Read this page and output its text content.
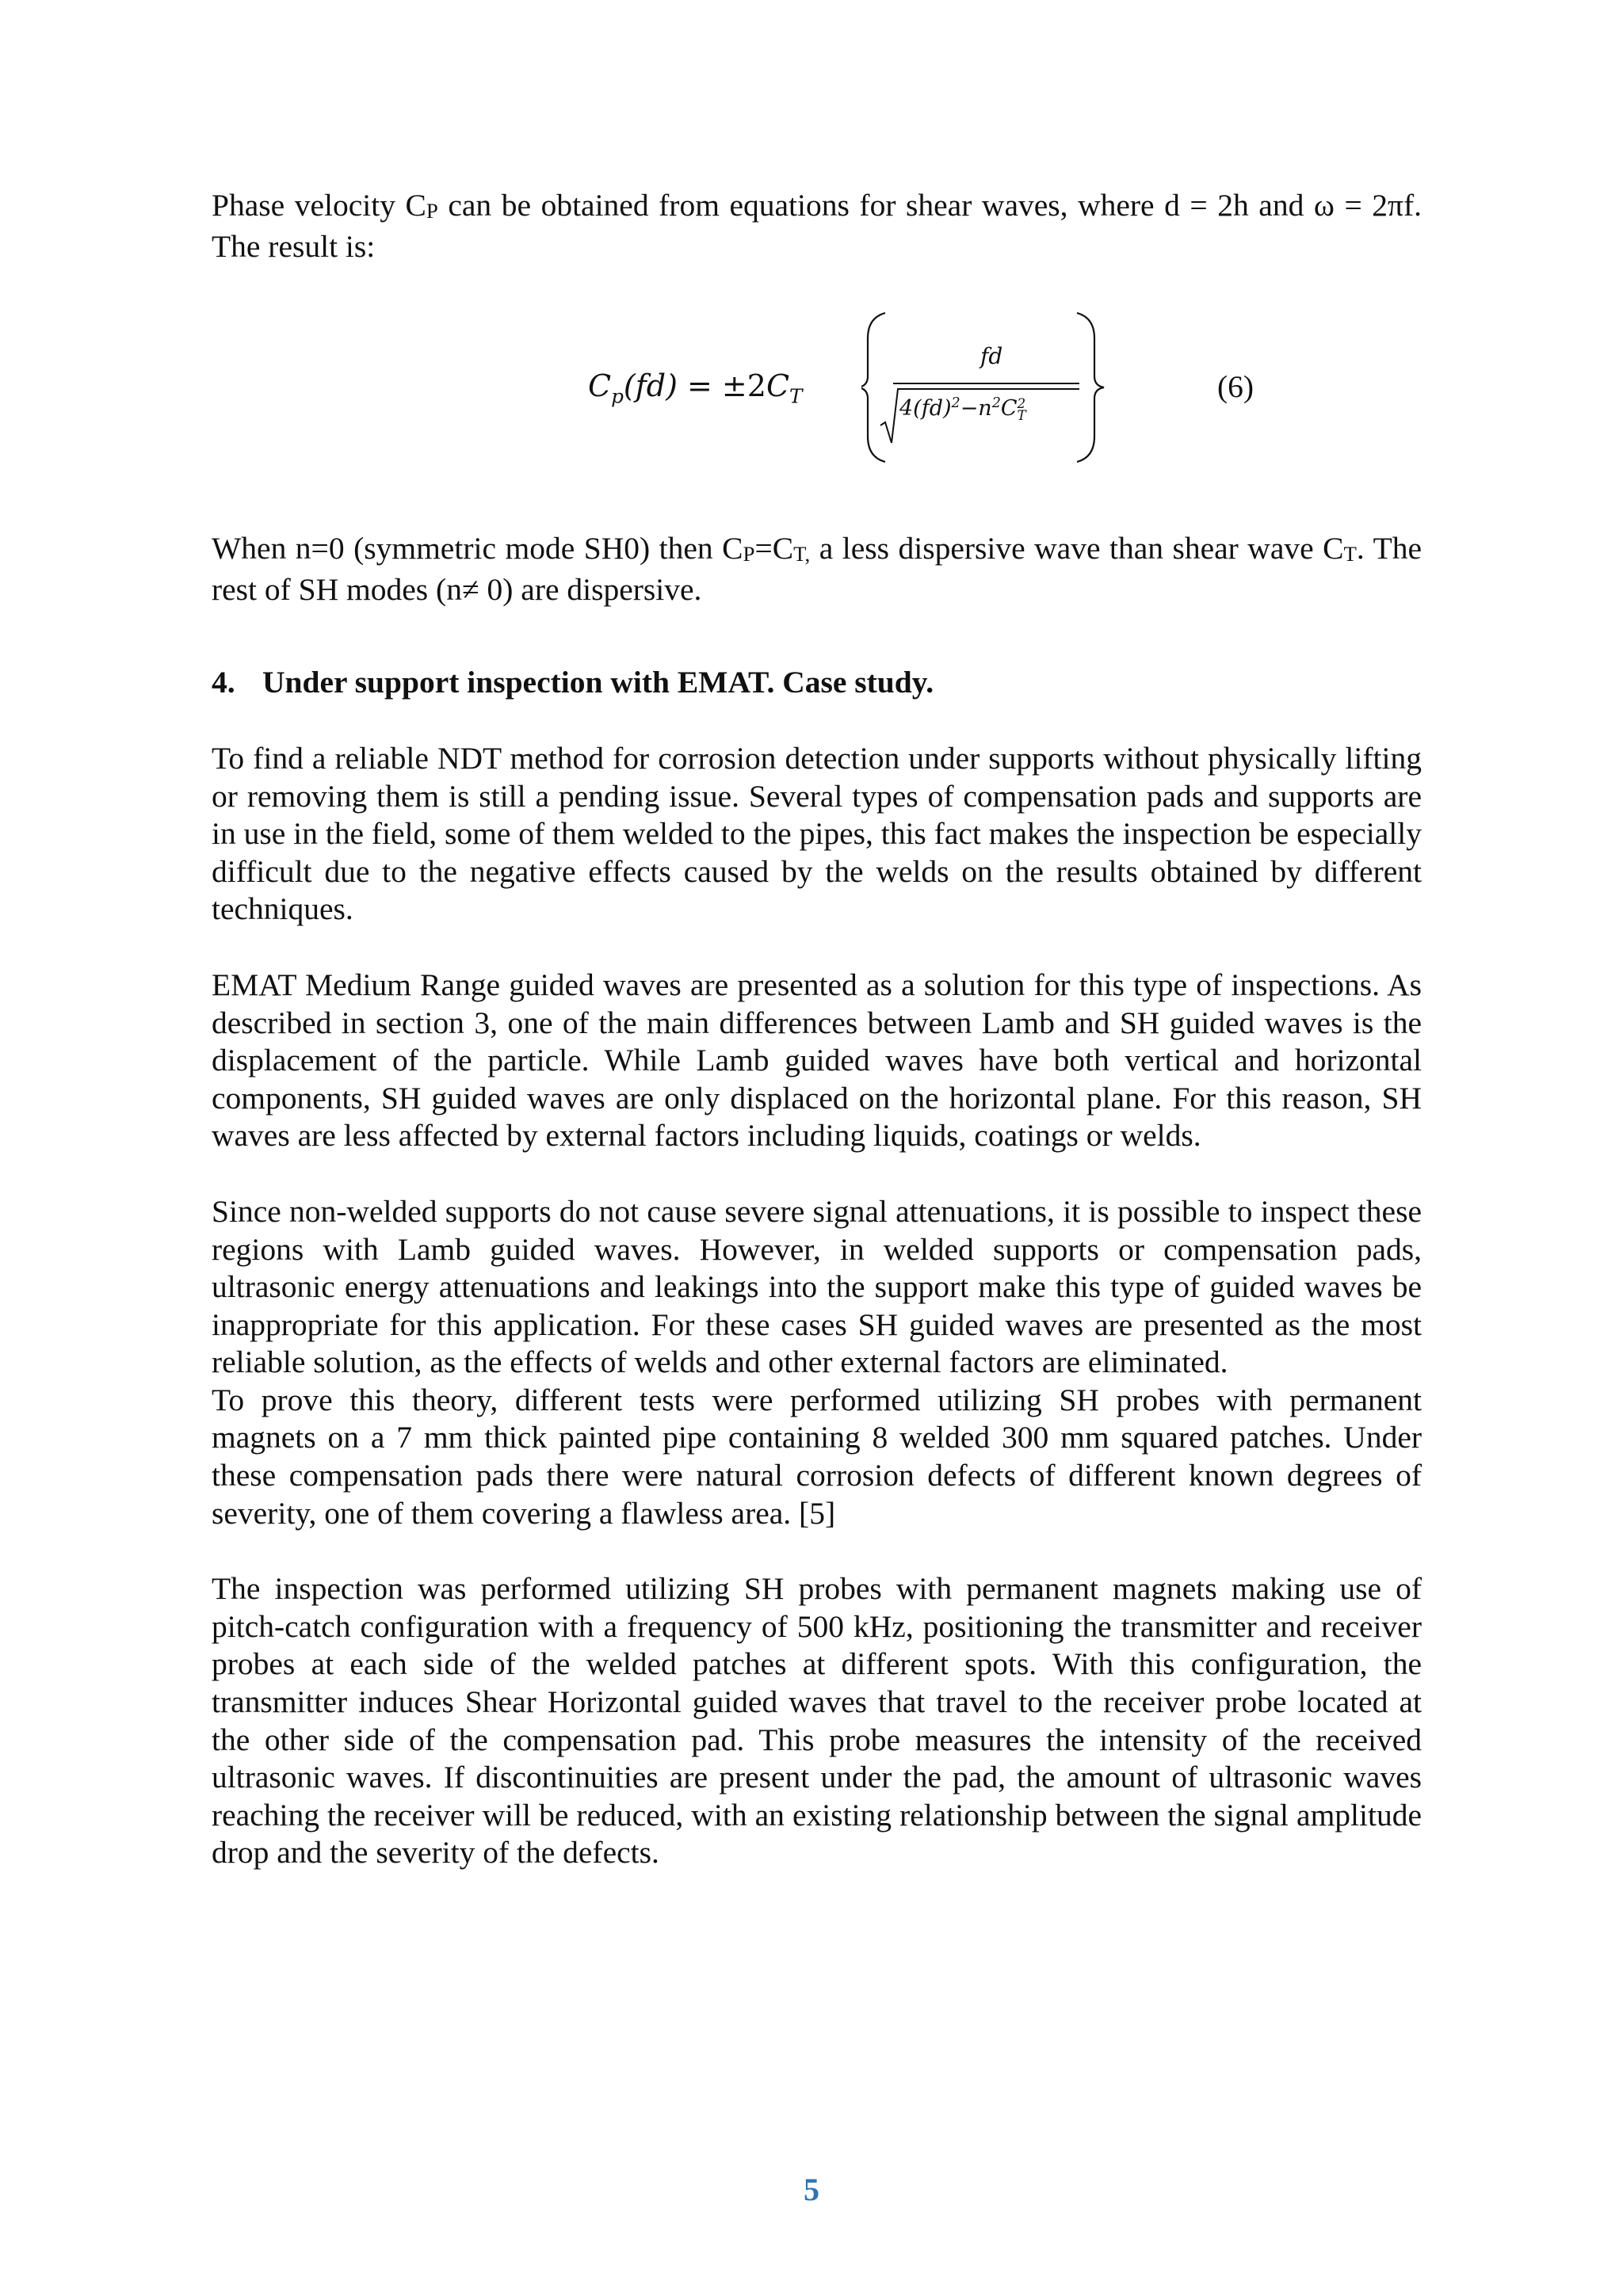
Phase velocity CP can be obtained from equations for shear waves, where d = 2h and ω = 2πf. The result is:

$C_p(fd) = \pm 2C_T$
fd
$4(fd)^2-n^2C$ 2
T
(6)

When n=0 (symmetric mode SH0) then CP=CT, a less dispersive wave than shear wave CT. The rest of SH modes (n≠ 0) are dispersive.

4. Under support inspection with EMAT. Case study.

To find a reliable NDT method for corrosion detection under supports without physically lifting or removing them is still a pending issue. Several types of compensation pads and supports are in use in the field, some of them welded to the pipes, this fact makes the inspection be especially difficult due to the negative effects caused by the welds on the results obtained by different techniques.

EMAT Medium Range guided waves are presented as a solution for this type of inspections. As described in section 3, one of the main differences between Lamb and SH guided waves is the displacement of the particle. While Lamb guided waves have both vertical and horizontal components, SH guided waves are only displaced on the horizontal plane. For this reason, SH waves are less affected by external factors including liquids, coatings or welds.

Since non-welded supports do not cause severe signal attenuations, it is possible to inspect these regions with Lamb guided waves. However, in welded supports or compensation pads, ultrasonic energy attenuations and leakings into the support make this type of guided waves be inappropriate for this application. For these cases SH guided waves are presented as the most reliable solution, as the effects of welds and other external factors are eliminated.

To prove this theory, different tests were performed utilizing SH probes with permanent magnets on a 7 mm thick painted pipe containing 8 welded 300 mm squared patches. Under these compensation pads there were natural corrosion defects of different known degrees of severity, one of them covering a flawless area. [5]

The inspection was performed utilizing SH probes with permanent magnets making use of pitch-catch configuration with a frequency of 500 kHz, positioning the transmitter and receiver probes at each side of the welded patches at different spots. With this configuration, the transmitter induces Shear Horizontal guided waves that travel to the receiver probe located at the other side of the compensation pad. This probe measures the intensity of the received ultrasonic waves. If discontinuities are present under the pad, the amount of ultrasonic waves reaching the receiver will be reduced, with an existing relationship between the signal amplitude drop and the severity of the defects.

5
